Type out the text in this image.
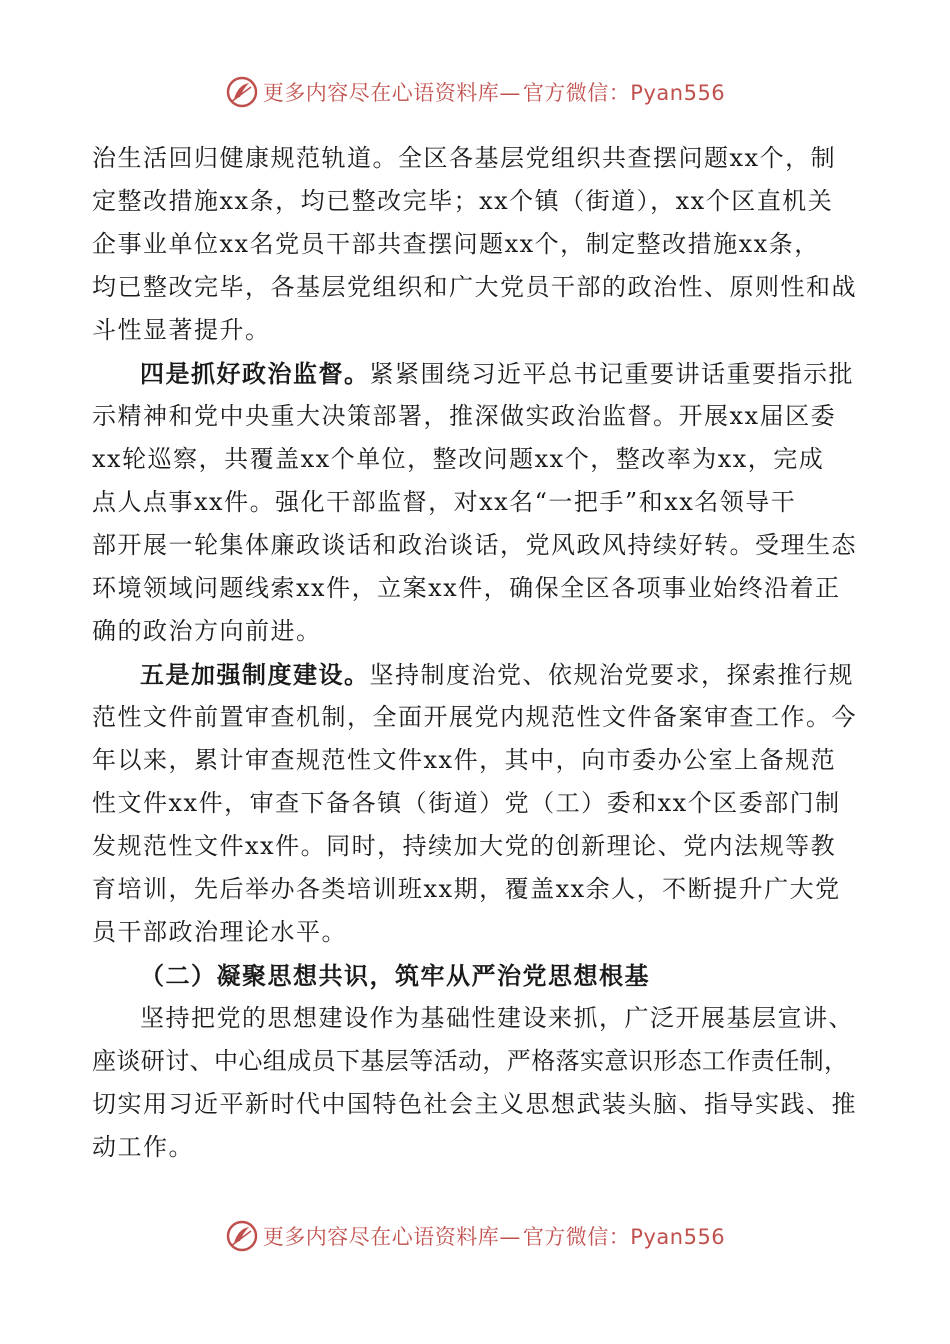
更多内容尽在心语资料库—官方微信：Pyan556
治生活回归健康规范轨道。全区各基层党组织共查摆问题xx个，制
定整改措施xx条，均已整改完毕；xx个镇（街道），xx个区直机关
企事业单位xx名党员干部共查摆问题xx个，制定整改措施xx条，
均已整改完毕，各基层党组织和广大党员干部的政治性、原则性和战
斗性显著提升。
四是抓好政治监督。紧紧围绕习近平总书记重要讲话重要指示批
示精神和党中央重大决策部署，推深做实政治监督。开展xx届区委
xx轮巡察，共覆盖xx个单位，整改问题xx个，整改率为xx，完成
点人点事xx件。强化干部监督，对xx名“一把手”和xx名领导干
部开展一轮集体廉政谈话和政治谈话，党风政风持续好转。受理生态
环境领域问题线索xx件，立案xx件，确保全区各项事业始终沿着正
确的政治方向前进。
五是加强制度建设。坚持制度治党、依规治党要求，探索推行规
范性文件前置审查机制，全面开展党内规范性文件备案审查工作。今
年以来，累计审查规范性文件xx件，其中，向市委办公室上备规范
性文件xx件，审查下备各镇（街道）党（工）委和xx个区委部门制
发规范性文件xx件。同时，持续加大党的创新理论、党内法规等教
育培训，先后举办各类培训班xx期，覆盖xx余人，不断提升广大党
员干部政治理论水平。
（二）凝聚思想共识，筑牢从严治党思想根基
坚持把党的思想建设作为基础性建设来抓，广泛开展基层宣讲、
座谈研讨、中心组成员下基层等活动，严格落实意识形态工作责任制，
切实用习近平新时代中国特色社会主义思想武装头脑、指导实践、推
动工作。
更多内容尽在心语资料库—官方微信：Pyan556
